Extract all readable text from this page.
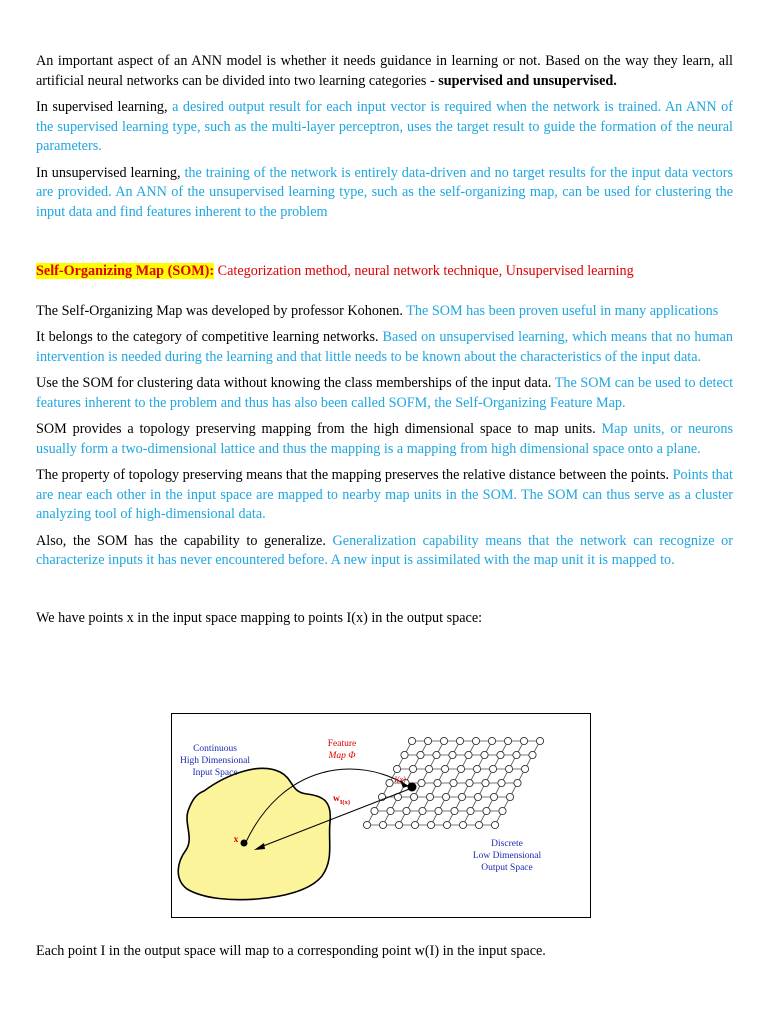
An important aspect of an ANN model is whether it needs guidance in learning or not. Based on the way they learn, all artificial neural networks can be divided into two learning categories - supervised and unsupervised.

In supervised learning, a desired output result for each input vector is required when the network is trained. An ANN of the supervised learning type, such as the multi-layer perceptron, uses the target result to guide the formation of the neural parameters.

In unsupervised learning, the training of the network is entirely data-driven and no target results for the input data vectors are provided. An ANN of the unsupervised learning type, such as the self-organizing map, can be used for clustering the input data and find features inherent to the problem

Self-Organizing Map (SOM): Categorization method, neural network technique, Unsupervised learning

The Self-Organizing Map was developed by professor Kohonen. The SOM has been proven useful in many applications

It belongs to the category of competitive learning networks. Based on unsupervised learning, which means that no human intervention is needed during the learning and that little needs to be known about the characteristics of the input data.

Use the SOM for clustering data without knowing the class memberships of the input data. The SOM can be used to detect features inherent to the problem and thus has also been called SOFM, the Self-Organizing Feature Map.

SOM provides a topology preserving mapping from the high dimensional space to map units. Map units, or neurons usually form a two-dimensional lattice and thus the mapping is a mapping from high dimensional space onto a plane.

The property of topology preserving means that the mapping preserves the relative distance between the points. Points that are near each other in the input space are mapped to nearby map units in the SOM. The SOM can thus serve as a cluster analyzing tool of high-dimensional data.

Also, the SOM has the capability to generalize. Generalization capability means that the network can recognize or characterize inputs it has never encountered before. A new input is assimilated with the map unit it is mapped to.

We have points x in the input space mapping to points I(x) in the output space:

Continuous
High Dimensional
Input Space
Feature
Map Φ
x
I(x)
$w_{I(x)}$
Discrete
Low Dimensional
Output Space

Each point I in the output space will map to a corresponding point w(I) in the input space.
